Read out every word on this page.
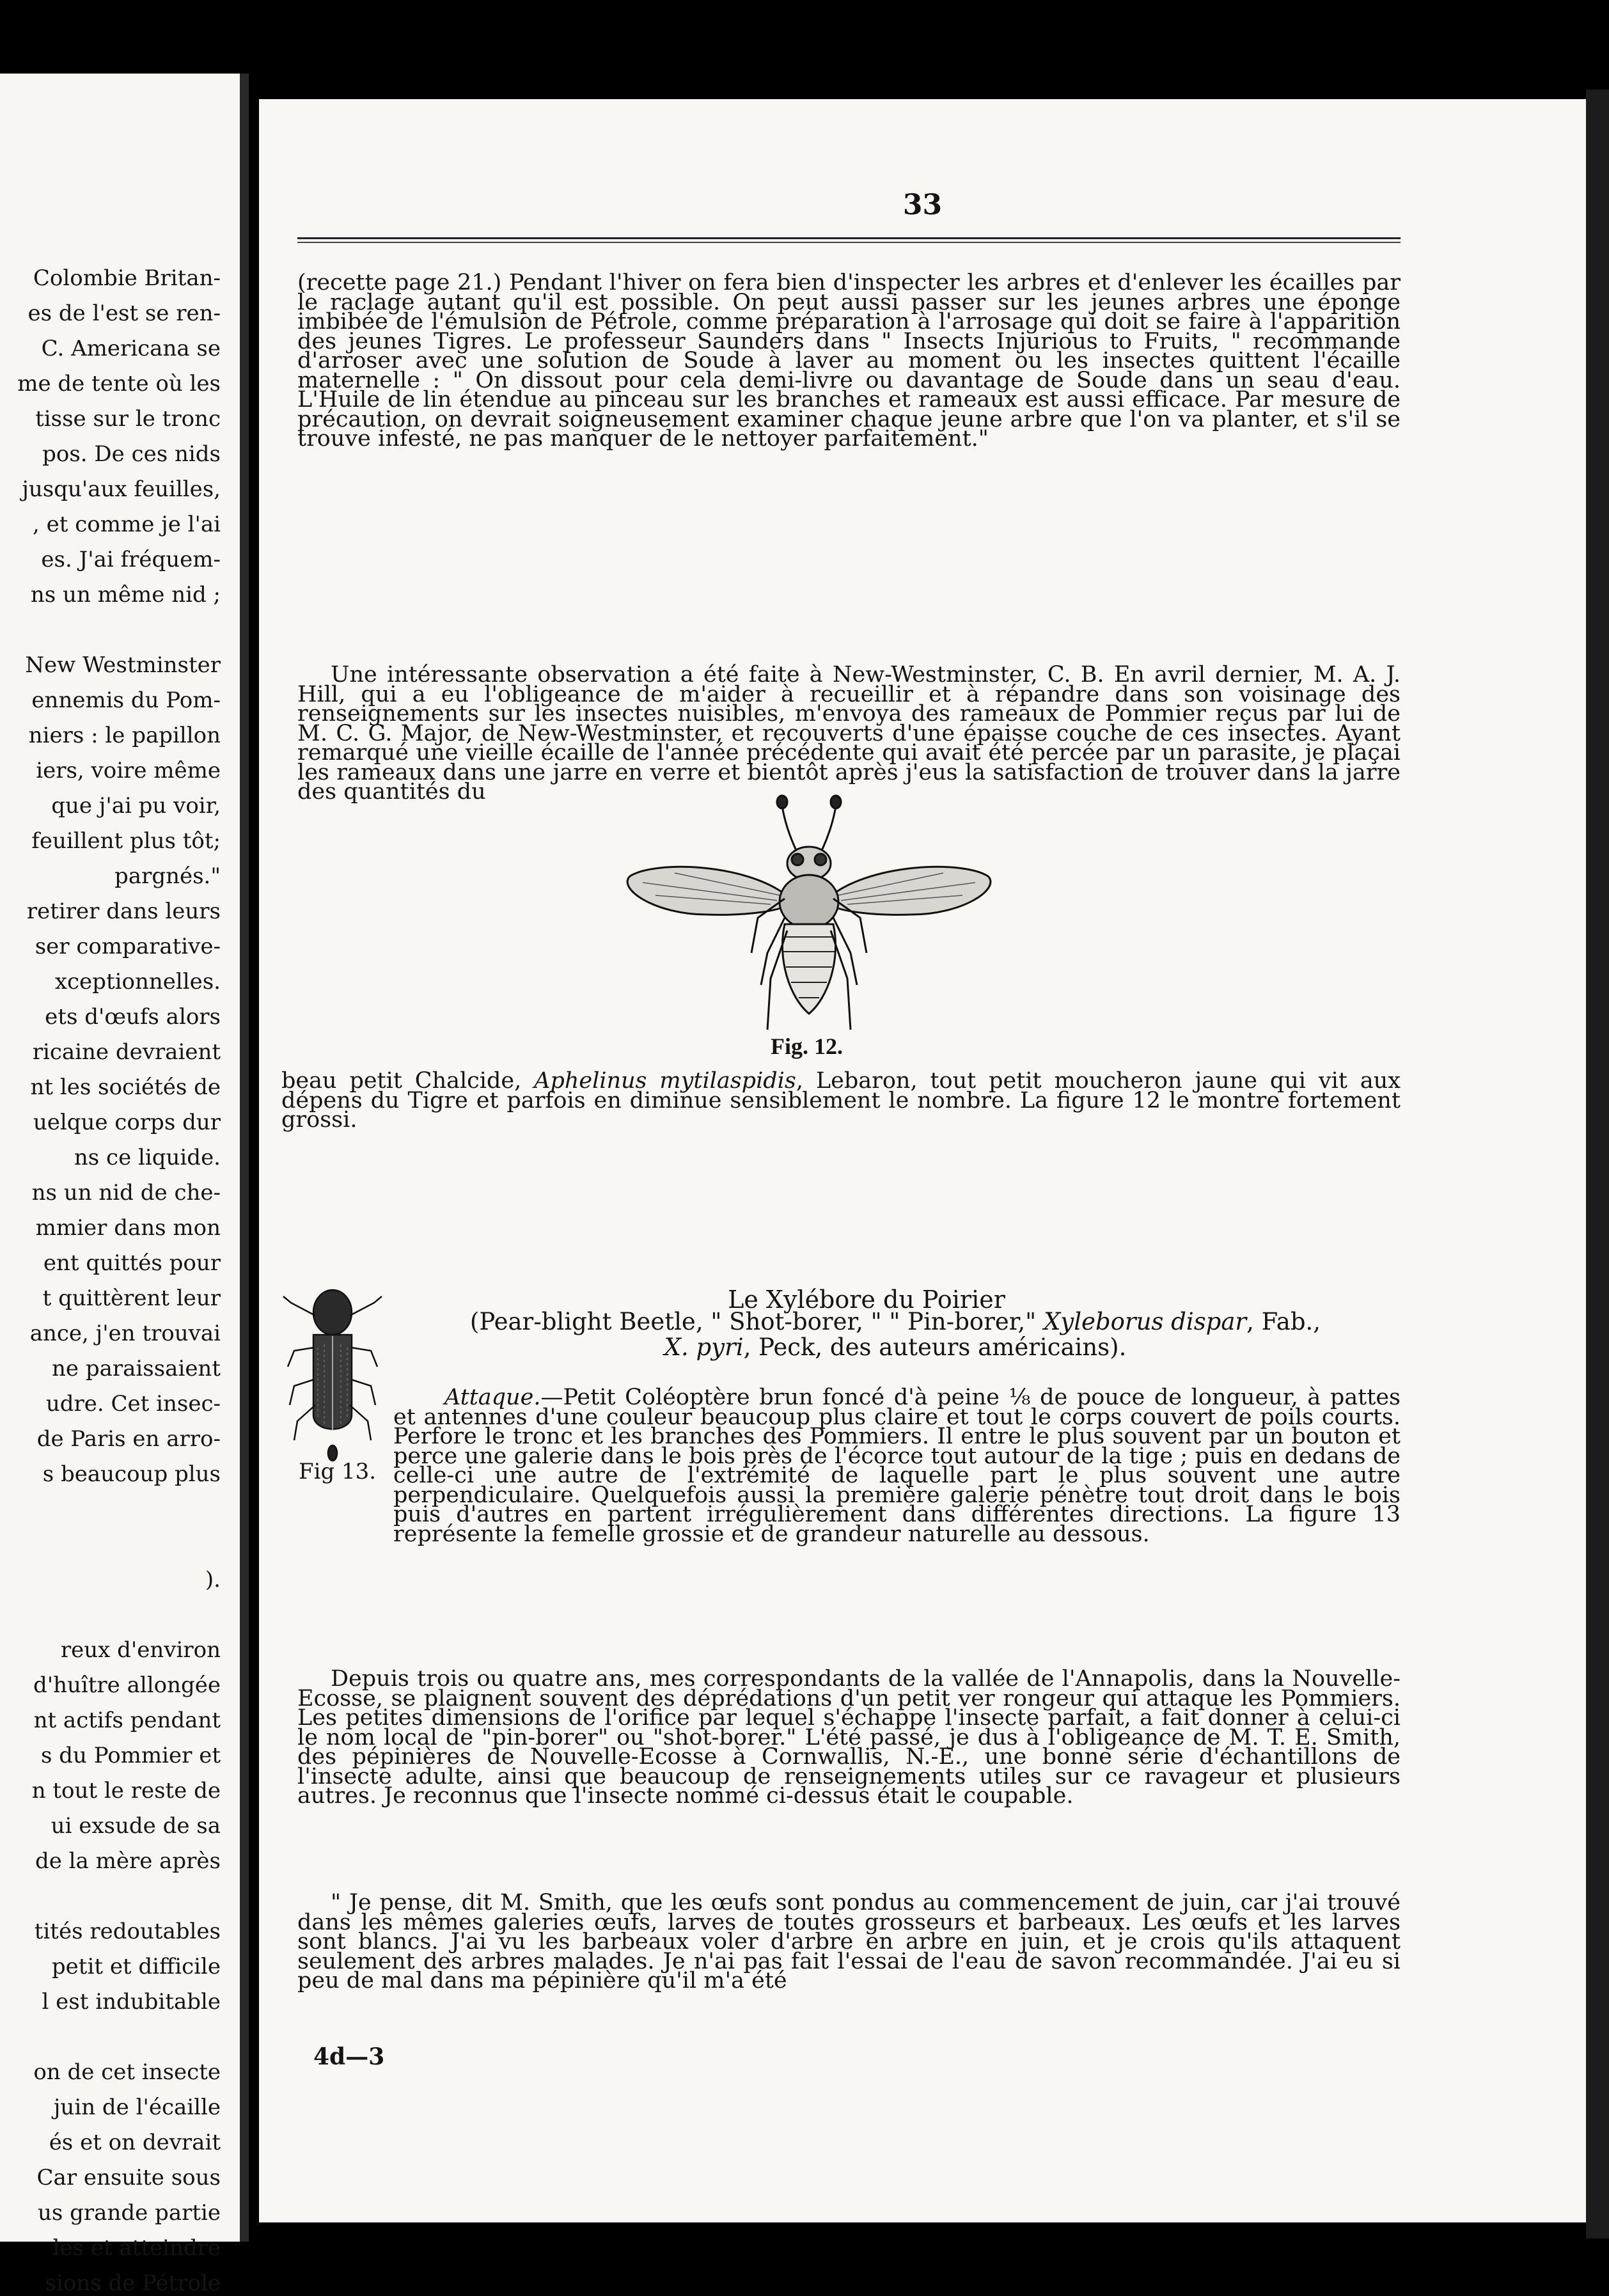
Colombie Britan-
es de l'est se ren-
C. Americana se
me de tente où les
tisse sur le tronc
pos. De ces nids
jusqu'aux feuilles,
, et comme je l'ai
es. J'ai fréquem-
ns un même nid ;
New Westminster
ennemis du Pom-
niers : le papillon
iers, voire même
que j'ai pu voir,
feuillent plus tôt;
pargnés."
retirer dans leurs
ser comparative-
xceptionnelles.
ets d'œufs alors
ricaine devraient
nt les sociétés de
uelque corps dur
ns ce liquide.
ns un nid de che-
mmier dans mon
ent quittés pour
t quittèrent leur
ance, j'en trouvai
ne paraissaient
udre. Cet insec-
de Paris en arro-
s beaucoup plus
).
reux d'environ
d'huître allongée
nt actifs pendant
s du Pommier et
n tout le reste de
ui exsude de sa
de la mère après
tités redoutables
petit et difficile
l est indubitable
on de cet insecte
juin de l'écaille
és et on devrait
Car ensuite sous
us grande partie
les et atteindre
sions de Pétrole
33

(recette page 21.) Pendant l'hiver on fera bien d'inspecter les arbres et d'enlever les écailles par le raclage autant qu'il est possible. On peut aussi passer sur les jeunes arbres une éponge imbibée de l'émulsion de Pétrole, comme préparation à l'arrosage qui doit se faire à l'apparition des jeunes Tigres. Le professeur Saunders dans " Insects Injurious to Fruits, " recommande d'arroser avec une solution de Soude à laver au moment ou les insectes quittent l'écaille maternelle : " On dissout pour cela demi-livre ou davantage de Soude dans un seau d'eau. L'Huile de lin étendue au pinceau sur les branches et rameaux est aussi efficace. Par mesure de précaution, on devrait soigneusement examiner chaque jeune arbre que l'on va planter, et s'il se trouve infesté, ne pas manquer de le nettoyer parfaitement."

Une intéressante observation a été faite à New-Westminster, C. B. En avril dernier, M. A. J. Hill, qui a eu l'obligeance de m'aider à recueillir et à répandre dans son voisinage des renseignements sur les insectes nuisibles, m'envoya des rameaux de Pommier reçus par lui de M. C. G. Major, de New-Westminster, et recouverts d'une épaisse couche de ces insectes. Ayant remarqué une vieille écaille de l'année précédente qui avait été percée par un parasite, je plaçai les rameaux dans une jarre en verre et bientôt après j'eus la satisfaction de trouver dans la jarre des quantités du

Fig. 12.

beau petit Chalcide, Aphelinus mytilaspidis, Lebaron, tout petit moucheron jaune qui vit aux dépens du Tigre et parfois en diminue sensiblement le nombre. La figure 12 le montre fortement grossi.

Le Xylébore du Poirier
(Pear-blight Beetle, " Shot-borer, " " Pin-borer," Xyleborus dispar, Fab.,
X. pyri, Peck, des auteurs américains).
Fig 13.

Attaque.—Petit Coléoptère brun foncé d'à peine ⅛ de pouce de longueur, à pattes et antennes d'une couleur beaucoup plus claire et tout le corps couvert de poils courts. Perfore le tronc et les branches des Pommiers. Il entre le plus souvent par un bouton et perce une galerie dans le bois près de l'écorce tout autour de la tige ; puis en dedans de celle-ci une autre de l'extrémité de laquelle part le plus souvent une autre perpendiculaire. Quelquefois aussi la première galerie pénètre tout droit dans le bois puis d'autres en partent irrégulièrement dans différentes directions. La figure 13 représente la femelle grossie et de grandeur naturelle au dessous.

Depuis trois ou quatre ans, mes correspondants de la vallée de l'Annapolis, dans la Nouvelle-Ecosse, se plaignent souvent des déprédations d'un petit ver rongeur qui attaque les Pommiers. Les petites dimensions de l'orifice par lequel s'échappe l'insecte parfait, a fait donner à celui-ci le nom local de "pin-borer" ou "shot-borer." L'été passé, je dus à l'obligeance de M. T. E. Smith, des pépinières de Nouvelle-Ecosse à Cornwallis, N.-E., une bonne série d'échantillons de l'insecte adulte, ainsi que beaucoup de renseignements utiles sur ce ravageur et plusieurs autres. Je reconnus que l'insecte nommé ci-dessus était le coupable.

" Je pense, dit M. Smith, que les œufs sont pondus au commencement de juin, car j'ai trouvé dans les mêmes galeries œufs, larves de toutes grosseurs et barbeaux. Les œufs et les larves sont blancs. J'ai vu les barbeaux voler d'arbre en arbre en juin, et je crois qu'ils attaquent seulement des arbres malades. Je n'ai pas fait l'essai de l'eau de savon recommandée. J'ai eu si peu de mal dans ma pépinière qu'il m'a été

4d—3
